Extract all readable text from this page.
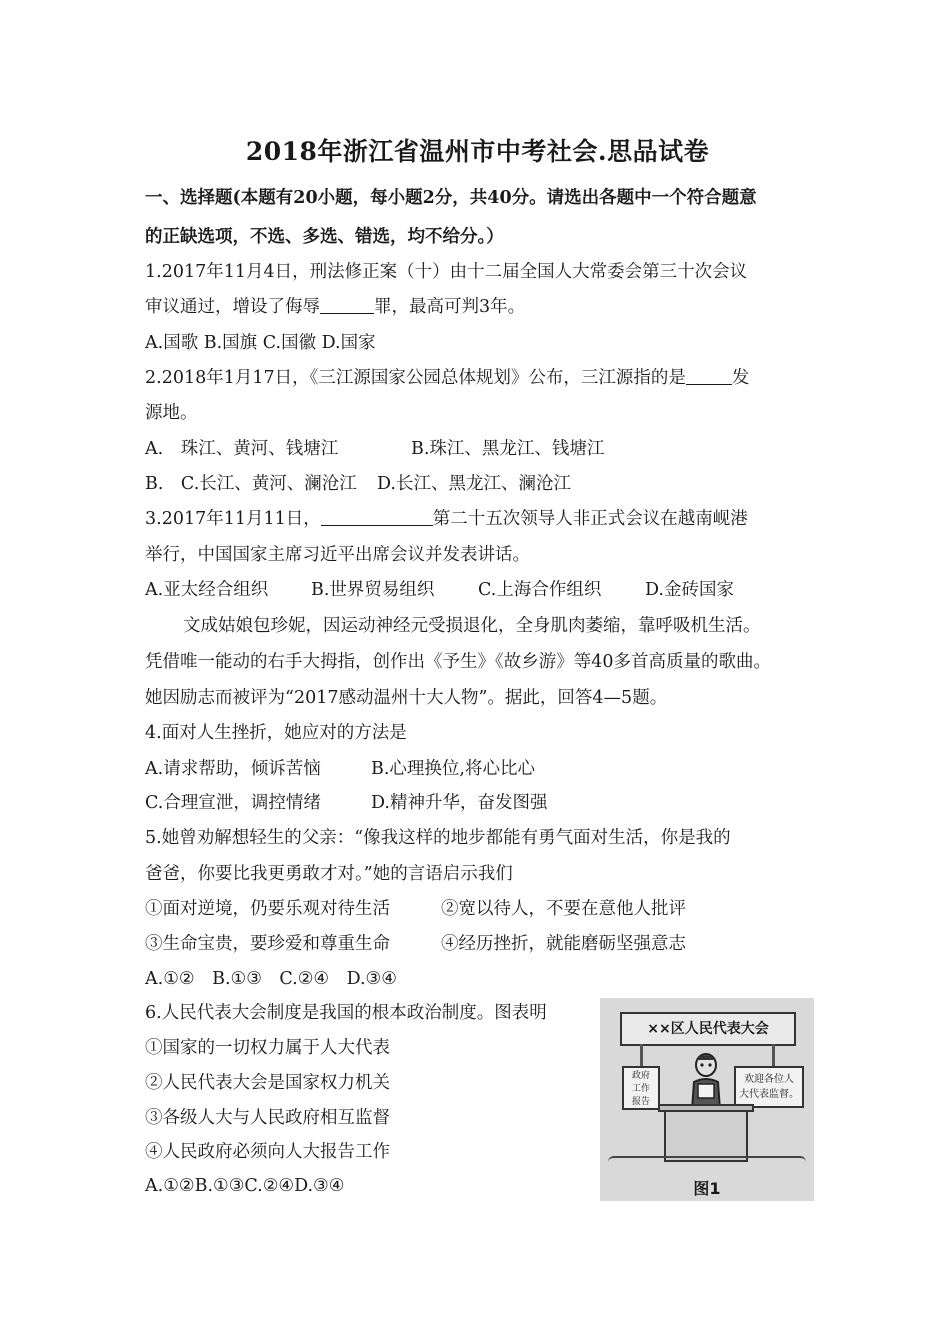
2018年浙江省温州市中考社会.思品试卷
一、选择题(本题有20小题，每小题2分，共40分。请选出各题中一个符合题意
的正缺选项，不选、多选、错选，均不给分。）
1.2017年11月4日，刑法修正案（十）由十二届全国人大常委会第三十次会议
审议通过，增设了侮辱	罪，最高可判3年。
A.国歌 B.国旗 C.国徽 D.国家
2.2018年1月17日，《三江源国家公园总体规划》公布，三江源指的是	发
源地。
A.　珠江、黄河、钱塘江	B.珠江、黑龙江、钱塘江
B.　C.长江、黄河、澜沧江 D.长江、黑龙江、澜沧江
3.2017年11月11日，	第二十五次领导人非正式会议在越南岘港
举行，中国国家主席习近平出席会议并发表讲话。
A.亚太经合组织 B.世界贸易组织 C.上海合作组织 D.金砖国家
文成姑娘包珍妮，因运动神经元受损退化，全身肌肉萎缩，靠呼吸机生活。
凭借唯一能动的右手大拇指，创作出《予生》《故乡游》等40多首高质量的歌曲。
她因励志而被评为“2017感动温州十大人物”。据此，回答4—5题。
4.面对人生挫折，她应对的方法是
A.请求帮助，倾诉苦恼	B.心理换位,将心比心
C.合理宣泄，调控情绪	D.精神升华，奋发图强
5.她曾劝解想轻生的父亲：“像我这样的地步都能有勇气面对生活，你是我的
爸爸，你要比我更勇敢才对。”她的言语启示我们
①面对逆境，仍要乐观对待生活	②宽以待人，不要在意他人批评
③生命宝贵，要珍爱和尊重生命	④经历挫折，就能磨砺坚强意志
A.①②　B.①③　C.②④　D.③④
6.人民代表大会制度是我国的根本政治制度。图表明
①国家的一切权力属于人大代表
②人民代表大会是国家权力机关
③各级人大与人民政府相互监督
④人民政府必须向人大报告工作
A.①②B.①③C.②④D.③④
××区人民代表大会
政府
工作
报告
欢迎各位人
大代表监督。
图1
